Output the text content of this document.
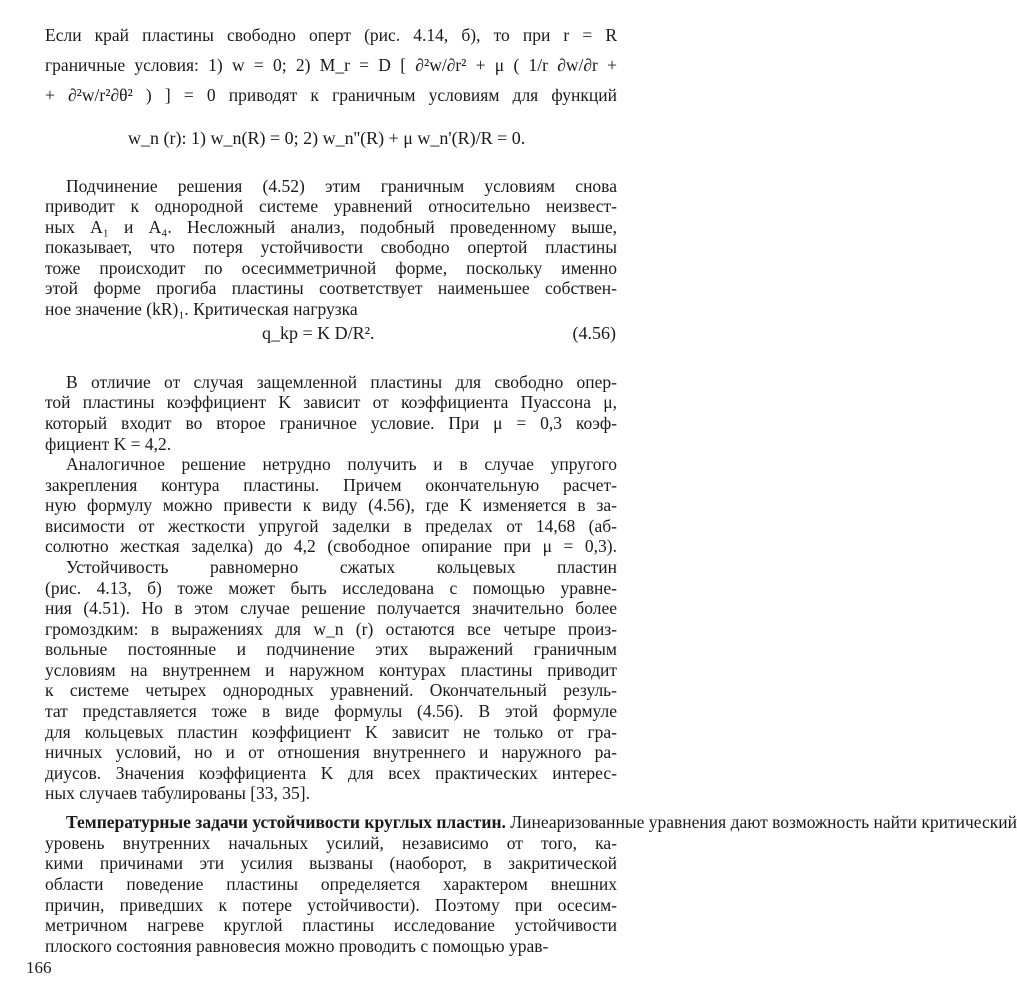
Если край пластины свободно оперт (рис. 4.14, б), то при r = R
граничные условия: 1) w = 0; 2) M_r = D [ ∂²w/∂r² + μ ( 1/r ∂w/∂r +
+ ∂²w/r²∂θ² ) ] = 0 приводят к граничным условиям для функций
w_n (r): 1) w_n(R) = 0; 2) w_n''(R) + μ w_n'(R)/R = 0.
Подчинение решения (4.52) этим граничным условиям снова
приводит к однородной системе уравнений относительно неизвест-
ных A₁ и A₄. Несложный анализ, подобный проведенному выше,
показывает, что потеря устойчивости свободно опертой пластины
тоже происходит по осесимметричной форме, поскольку именно
этой форме прогиба пластины соответствует наименьшее собствен-
ное значение (kR)₁. Критическая нагрузка
q_kp = K D/R².	(4.56)
В отличие от случая защемленной пластины для свободно опер-
той пластины коэффициент K зависит от коэффициента Пуассона μ,
который входит во второе граничное условие. При μ = 0,3 коэф-
фициент K = 4,2.
Аналогичное решение нетрудно получить и в случае упругого
закрепления контура пластины. Причем окончательную расчет-
ную формулу можно привести к виду (4.56), где K изменяется в за-
висимости от жесткости упругой заделки в пределах от 14,68 (аб-
солютно жесткая заделка) до 4,2 (свободное опирание при μ = 0,3).
Устойчивость равномерно сжатых кольцевых пластин
(рис. 4.13, б) тоже может быть исследована с помощью уравне-
ния (4.51). Но в этом случае решение получается значительно более
громоздким: в выражениях для w_n (r) остаются все четыре произ-
вольные постоянные и подчинение этих выражений граничным
условиям на внутреннем и наружном контурах пластины приводит
к системе четырех однородных уравнений. Окончательный резуль-
тат представляется тоже в виде формулы (4.56). В этой формуле
для кольцевых пластин коэффициент K зависит не только от гра-
ничных условий, но и от отношения внутреннего и наружного ра-
диусов. Значения коэффициента K для всех практических интерес-
ных случаев табулированы [33, 35].
Температурные задачи устойчивости круглых пластин. Линеаризованные уравнения дают возможность найти критический
уровень внутренних начальных усилий, независимо от того, ка-
кими причинами эти усилия вызваны (наоборот, в закритической
области поведение пластины определяется характером внешних
причин, приведших к потере устойчивости). Поэтому при осесим-
метричном нагреве круглой пластины исследование устойчивости
плоского состояния равновесия можно проводить с помощью урав-
166
